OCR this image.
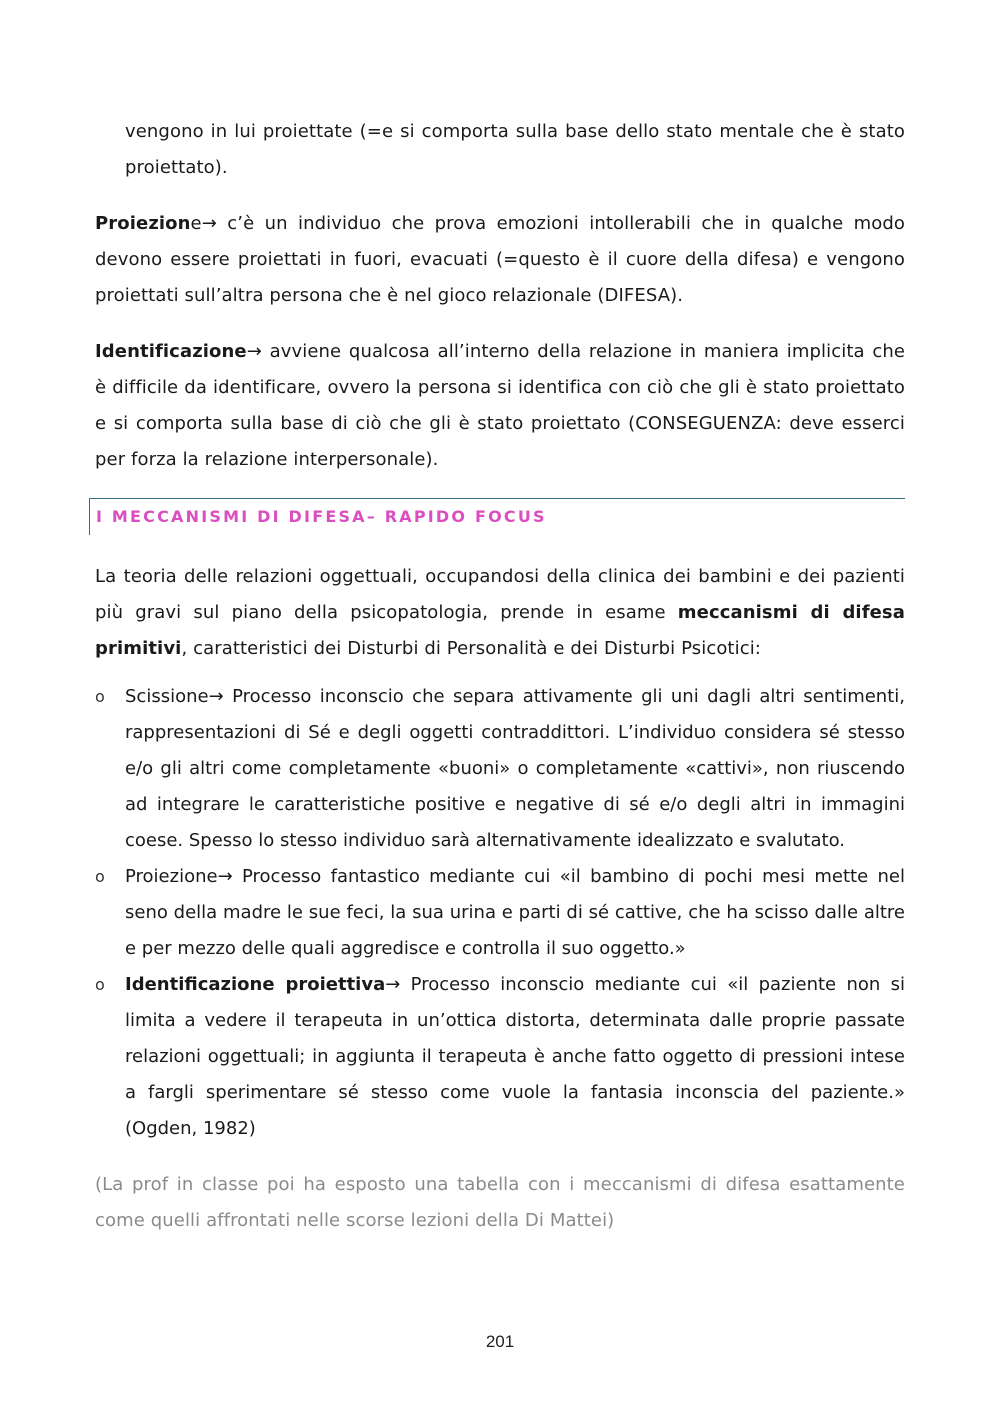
vengono in lui proiettate (=e si comporta sulla base dello stato mentale che è stato proiettato).

Proiezione→ c’è un individuo che prova emozioni intollerabili che in qualche modo devono essere proiettati in fuori, evacuati (=questo è il cuore della difesa) e vengono proiettati sull’altra persona che è nel gioco relazionale (DIFESA).

Identificazione→ avviene qualcosa all’interno della relazione in maniera implicita che è difficile da identificare, ovvero la persona si identifica con ciò che gli è stato proiettato e si comporta sulla base di ciò che gli è stato proiettato (CONSEGUENZA: deve esserci per forza la relazione interpersonale).

I MECCANISMI DI DIFESA– RAPIDO FOCUS

La teoria delle relazioni oggettuali, occupandosi della clinica dei bambini e dei pazienti più gravi sul piano della psicopatologia, prende in esame meccanismi di difesa primitivi, caratteristici dei Disturbi di Personalità e dei Disturbi Psicotici:

o Scissione→ Processo inconscio che separa attivamente gli uni dagli altri sentimenti, rappresentazioni di Sé e degli oggetti contraddittori. L’individuo considera sé stesso e/o gli altri come completamente «buoni» o completamente «cattivi», non riuscendo ad integrare le caratteristiche positive e negative di sé e/o degli altri in immagini coese. Spesso lo stesso individuo sarà alternativamente idealizzato e svalutato.
o Proiezione→ Processo fantastico mediante cui «il bambino di pochi mesi mette nel seno della madre le sue feci, la sua urina e parti di sé cattive, che ha scisso dalle altre e per mezzo delle quali aggredisce e controlla il suo oggetto.»
o Identificazione proiettiva→ Processo inconscio mediante cui «il paziente non si limita a vedere il terapeuta in un’ottica distorta, determinata dalle proprie passate relazioni oggettuali; in aggiunta il terapeuta è anche fatto oggetto di pressioni intese a fargli sperimentare sé stesso come vuole la fantasia inconscia del paziente.» (Ogden, 1982)

(La prof in classe poi ha esposto una tabella con i meccanismi di difesa esattamente come quelli affrontati nelle scorse lezioni della Di Mattei)

201
